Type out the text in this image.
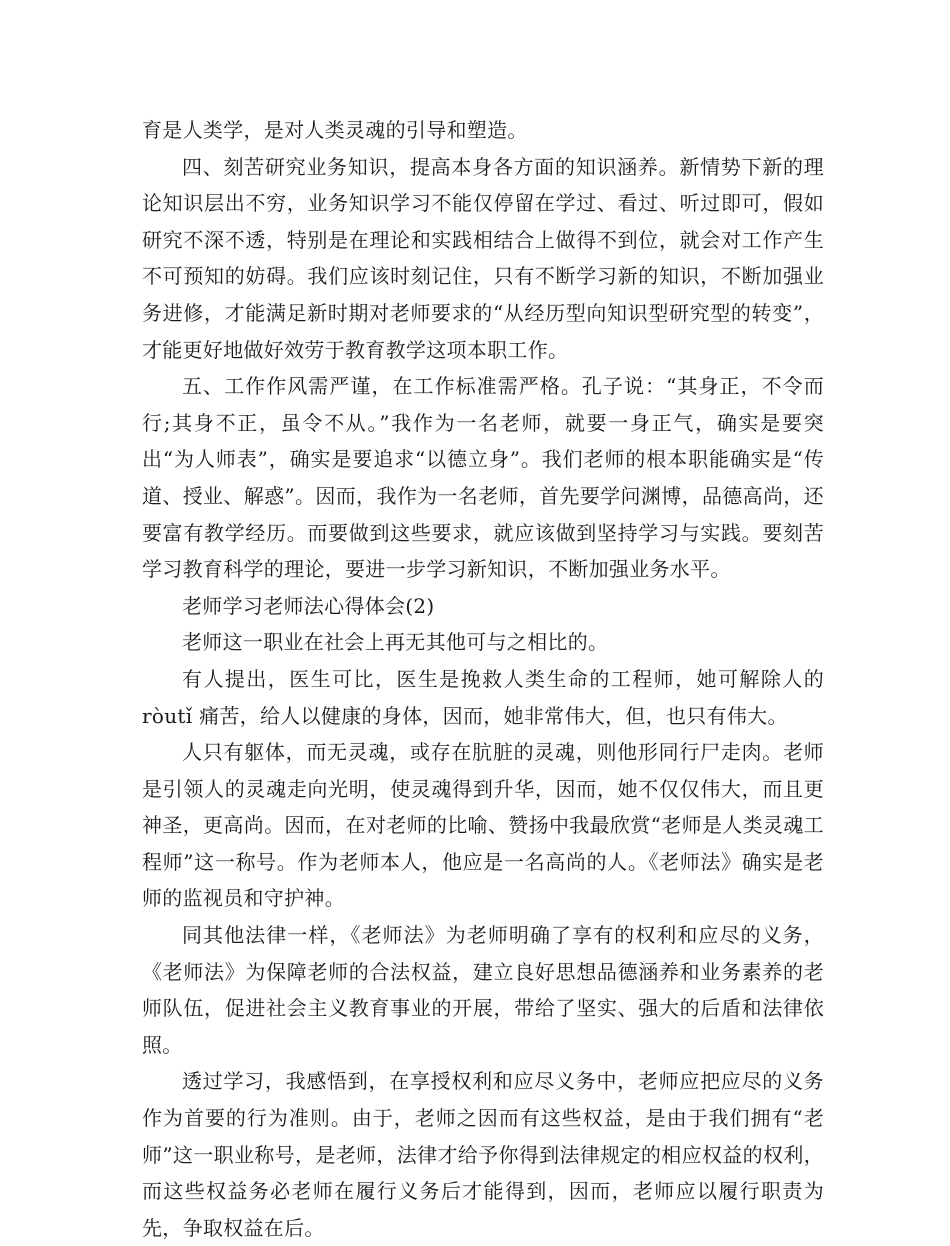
育是人类学，是对人类灵魂的引导和塑造。

四、刻苦研究业务知识，提高本身各方面的知识涵养。新情势下新的理论知识层出不穷，业务知识学习不能仅停留在学过、看过、听过即可，假如研究不深不透，特别是在理论和实践相结合上做得不到位，就会对工作产生不可预知的妨碍。我们应该时刻记住，只有不断学习新的知识，不断加强业务进修，才能满足新时期对老师要求的“从经历型向知识型研究型的转变”，才能更好地做好效劳于教育教学这项本职工作。

五、工作作风需严谨，在工作标准需严格。孔子说：“其身正，不令而行;其身不正，虽令不从。”我作为一名老师，就要一身正气，确实是要突出“为人师表”，确实是要追求“以德立身”。我们老师的根本职能确实是“传道、授业、解惑”。因而，我作为一名老师，首先要学问渊博，品德高尚，还要富有教学经历。而要做到这些要求，就应该做到坚持学习与实践。要刻苦学习教育科学的理论，要进一步学习新知识，不断加强业务水平。

老师学习老师法心得体会(2)

老师这一职业在社会上再无其他可与之相比的。

有人提出，医生可比，医生是挽救人类生命的工程师，她可解除人的 ròutǐ 痛苦，给人以健康的身体，因而，她非常伟大，但，也只有伟大。

人只有躯体，而无灵魂，或存在肮脏的灵魂，则他形同行尸走肉。老师是引领人的灵魂走向光明，使灵魂得到升华，因而，她不仅仅伟大，而且更神圣，更高尚。因而，在对老师的比喻、赞扬中我最欣赏“老师是人类灵魂工程师”这一称号。作为老师本人，他应是一名高尚的人。《老师法》确实是老师的监视员和守护神。

同其他法律一样，《老师法》为老师明确了享有的权利和应尽的义务，《老师法》为保障老师的合法权益，建立良好思想品德涵养和业务素养的老师队伍，促进社会主义教育事业的开展，带给了坚实、强大的后盾和法律依照。

透过学习，我感悟到，在享授权利和应尽义务中，老师应把应尽的义务作为首要的行为准则。由于，老师之因而有这些权益，是由于我们拥有“老师”这一职业称号，是老师，法律才给予你得到法律规定的相应权益的权利，而这些权益务必老师在履行义务后才能得到，因而，老师应以履行职责为先，争取权益在后。
